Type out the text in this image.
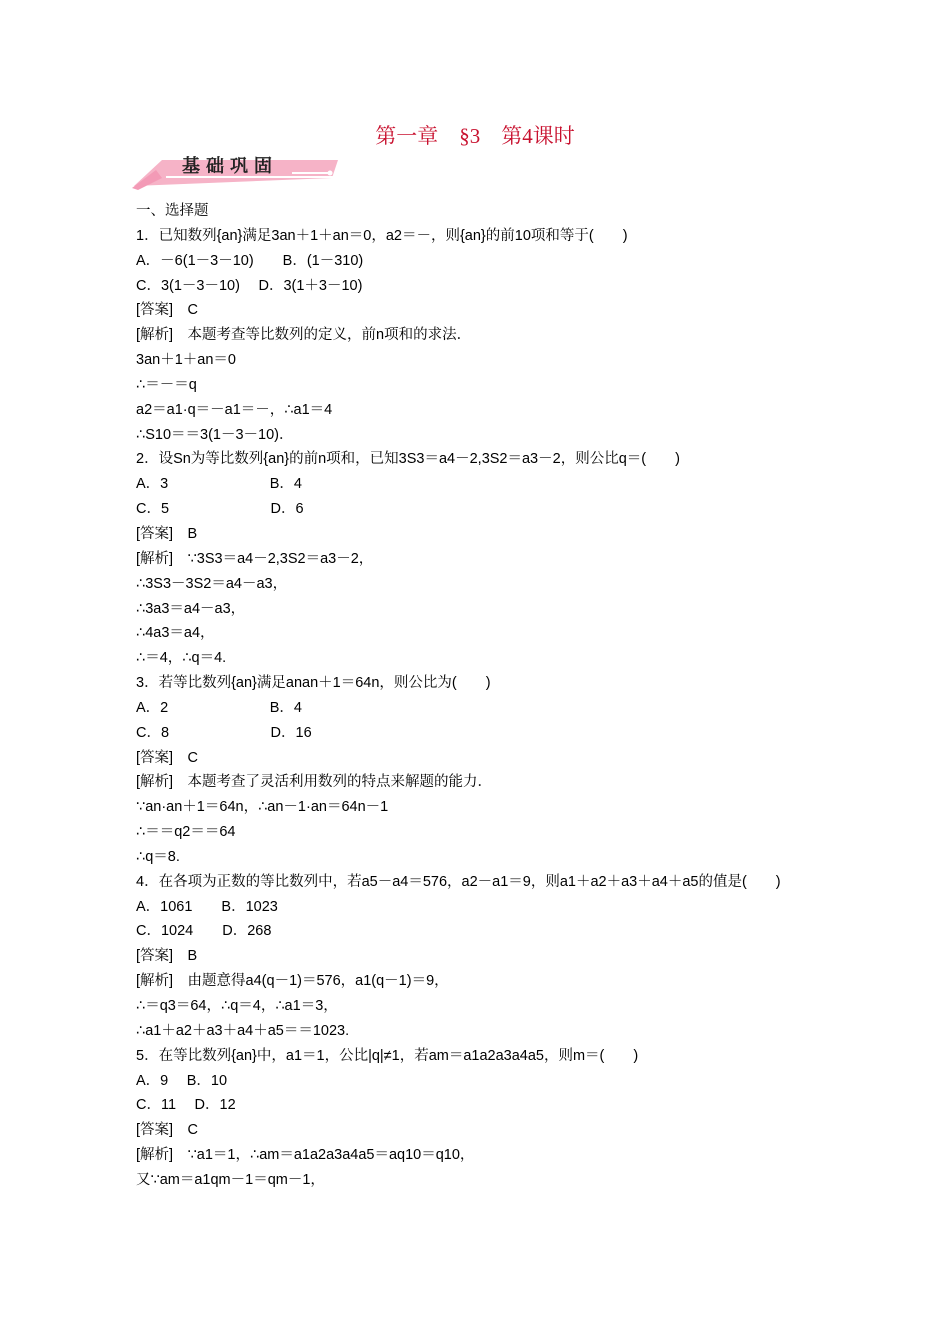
第一章　§3　第4课时
基础巩固
一、选择题
1．已知数列{an}满足3an＋1＋an＝0，a2＝－，则{an}的前10项和等于(　　)
A．－6(1－3－10)　　B．(1－310)
C．3(1－3－10)　 D．3(1＋3－10)
[答案]　C
[解析]　本题考查等比数列的定义，前n项和的求法．
3an＋1＋an＝0
∴＝－＝q
a2＝a1·q＝－a1＝－，∴a1＝4
∴S10＝＝3(1－3－10)．
2．设Sn为等比数列{an}的前n项和，已知3S3＝a4－2,3S2＝a3－2，则公比q＝(　　)
A．3　　　　　　　B．4
C．5　　　　　　　D．6
[答案]　B
[解析]　∵3S3＝a4－2,3S2＝a3－2，
∴3S3－3S2＝a4－a3，
∴3a3＝a4－a3，
∴4a3＝a4，
∴＝4，∴q＝4.
3．若等比数列{an}满足anan＋1＝64n，则公比为(　　)
A．2　　　　　　　B．4
C．8　　　　　　　D．16
[答案]　C
[解析]　本题考查了灵活利用数列的特点来解题的能力．
∵an·an＋1＝64n，∴an－1·an＝64n－1
∴＝＝q2＝＝64
∴q＝8.
4．在各项为正数的等比数列中，若a5－a4＝576，a2－a1＝9，则a1＋a2＋a3＋a4＋a5的值是(　　)
A．1061　　B．1023
C．1024　　D．268
[答案]　B
[解析]　由题意得a4(q－1)＝576，a1(q－1)＝9，
∴＝q3＝64，∴q＝4，∴a1＝3，
∴a1＋a2＋a3＋a4＋a5＝＝1023.
5．在等比数列{an}中，a1＝1，公比|q|≠1，若am＝a1a2a3a4a5，则m＝(　　)
A．9　 B．10
C．11　 D．12
[答案]　C
[解析]　∵a1＝1，∴am＝a1a2a3a4a5＝aq10＝q10，
又∵am＝a1qm－1＝qm－1，
